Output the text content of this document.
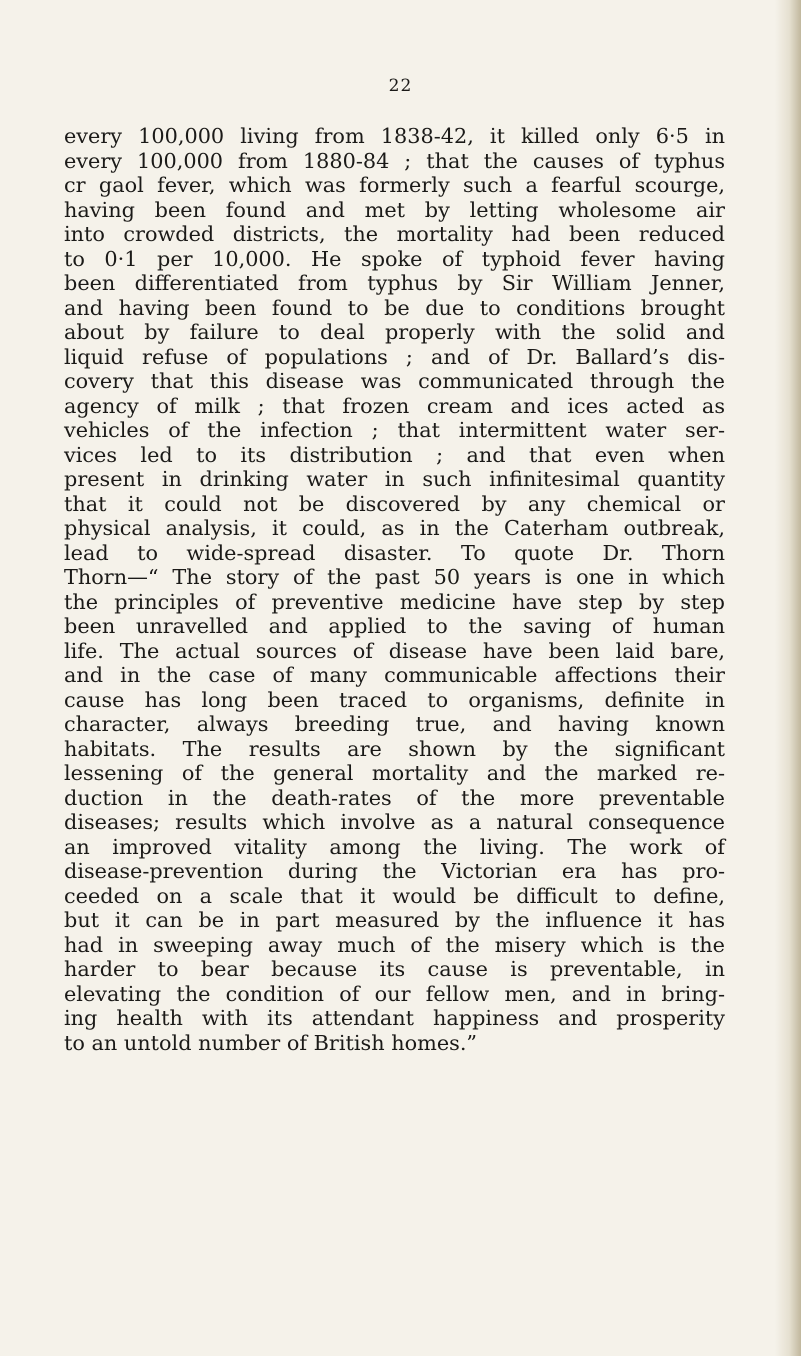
22
every 100,000 living from 1838-42, it killed only 6·5 in
every 100,000 from 1880-84 ; that the causes of typhus
cr gaol fever, which was formerly such a fearful scourge,
having been found and met by letting wholesome air
into crowded districts, the mortality had been reduced
to 0·1 per 10,000. He spoke of typhoid fever having
been differentiated from typhus by Sir William Jenner,
and having been found to be due to conditions brought
about by failure to deal properly with the solid and
liquid refuse of populations ; and of Dr. Ballard’s dis-
covery that this disease was communicated through the
agency of milk ; that frozen cream and ices acted as
vehicles of the infection ; that intermittent water ser-
vices led to its distribution ; and that even when
present in drinking water in such infinitesimal quantity
that it could not be discovered by any chemical or
physical analysis, it could, as in the Caterham outbreak,
lead to wide-spread disaster. To quote Dr. Thorn
Thorn—“ The story of the past 50 years is one in which
the principles of preventive medicine have step by step
been unravelled and applied to the saving of human
life. The actual sources of disease have been laid bare,
and in the case of many communicable affections their
cause has long been traced to organisms, definite in
character, always breeding true, and having known
habitats. The results are shown by the significant
lessening of the general mortality and the marked re-
duction in the death-rates of the more preventable
diseases; results which involve as a natural consequence
an improved vitality among the living. The work of
disease-prevention during the Victorian era has pro-
ceeded on a scale that it would be difficult to define,
but it can be in part measured by the influence it has
had in sweeping away much of the misery which is the
harder to bear because its cause is preventable, in
elevating the condition of our fellow men, and in bring-
ing health with its attendant happiness and prosperity
to an untold number of British homes.”
